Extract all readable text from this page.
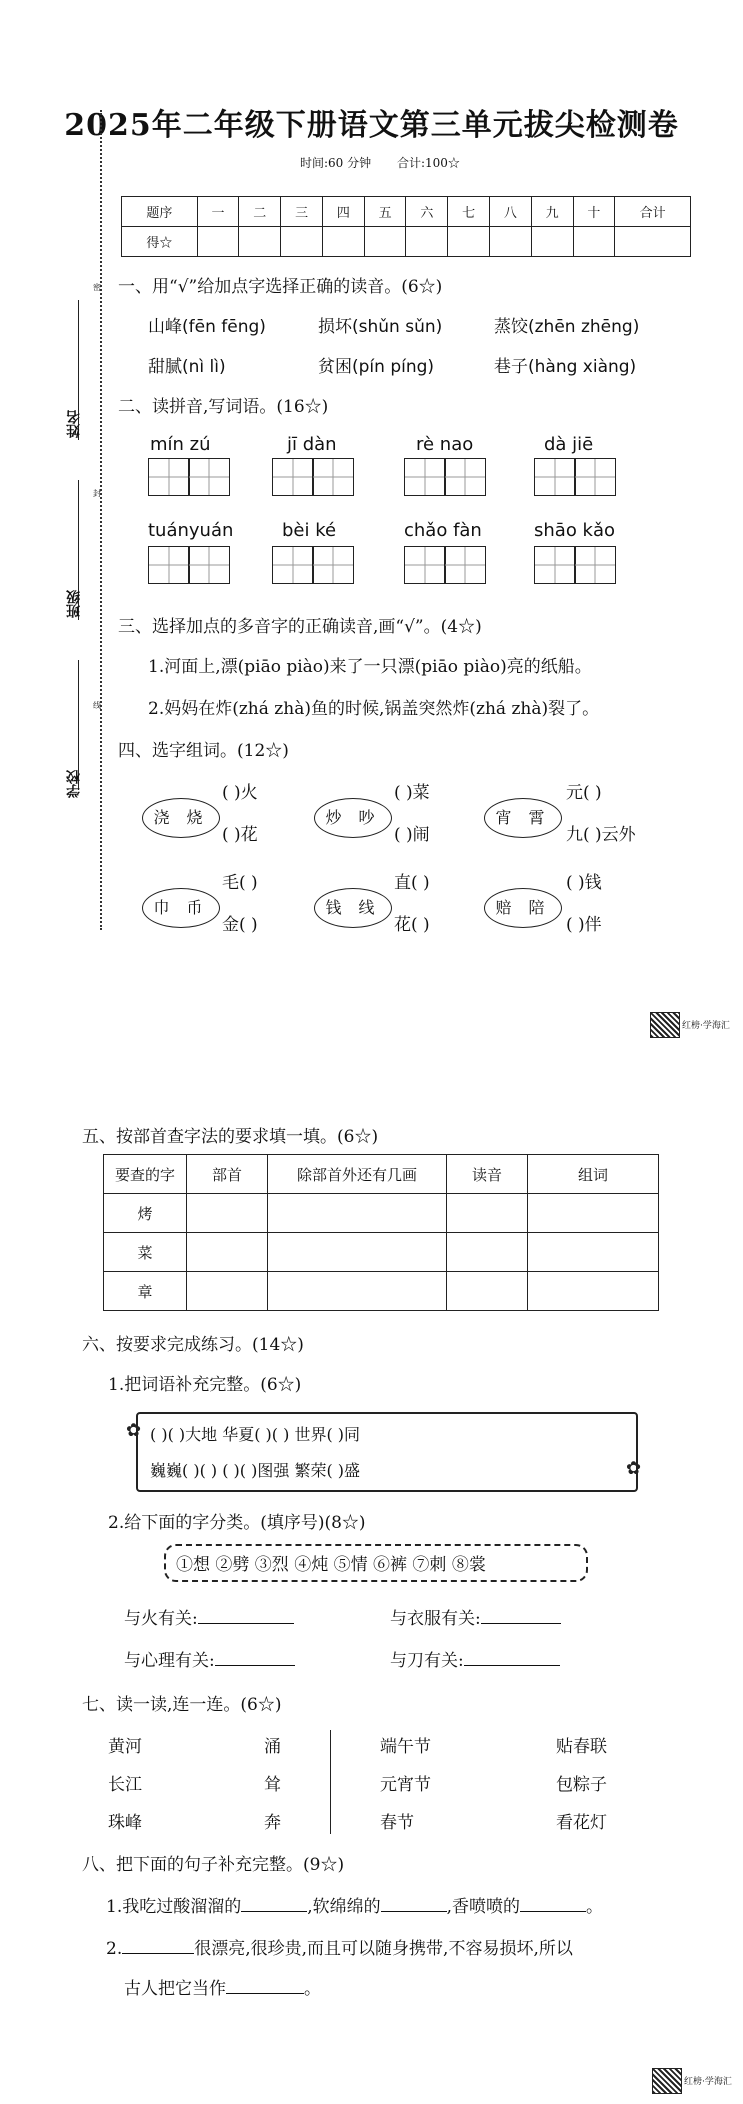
2025年二年级下册语文第三单元拔尖检测卷
时间:60 分钟 合计:100☆
题序	一	二	三	四	五	六	七	八	九	十	合计
得☆											
密
封
线
姓名
班级
学校
一、用“√”给加点字选择正确的读音。(6☆)
山峰(fēn fēng)	损坏(shǔn sǔn)	蒸饺(zhēn zhēng)
甜腻(nì lì)	贫困(pín píng)	巷子(hàng xiàng)
二、读拼音,写词语。(16☆)
mín zú	jī dàn	rè nao	dà jiē
tuányuán	bèi ké	chǎo fàn	shāo kǎo
三、选择加点的多音字的正确读音,画“√”。(4☆)
1.河面上,漂(piāo piào)来了一只漂(piāo piào)亮的纸船。
2.妈妈在炸(zhá zhà)鱼的时候,锅盖突然炸(zhá zhà)裂了。
四、选字组词。(12☆)
浇 烧
( )火
( )花
炒 吵
( )菜
( )闹
宵 霄
元( )
九( )云外
巾 币
毛( )
金( )
钱 线
直( )
花( )
赔 陪
( )钱
( )伴
红榜·学海汇
五、按部首查字法的要求填一填。(6☆)
要查的字	部首	除部首外还有几画	读音	组词
烤				
菜				
章				
六、按要求完成练习。(14☆)
1.把词语补充完整。(6☆)
✿
✿
( )( )大地 华夏( )( ) 世界( )同
巍巍( )( ) ( )( )图强 繁荣( )盛
2.给下面的字分类。(填序号)(8☆)
①想 ②劈 ③烈 ④炖 ⑤情 ⑥裤 ⑦刺 ⑧裳
与火有关:	与衣服有关:
与心理有关:	与刀有关:
七、读一读,连一连。(6☆)
黄河
长江
珠峰
涌
耸
奔
端午节
元宵节
春节
贴春联
包粽子
看花灯
八、把下面的句子补充完整。(9☆)
1.我吃过酸溜溜的	,软绵绵的	,香喷喷的	。
2.	很漂亮,很珍贵,而且可以随身携带,不容易损坏,所以
古人把它当作	。
红榜·学海汇
